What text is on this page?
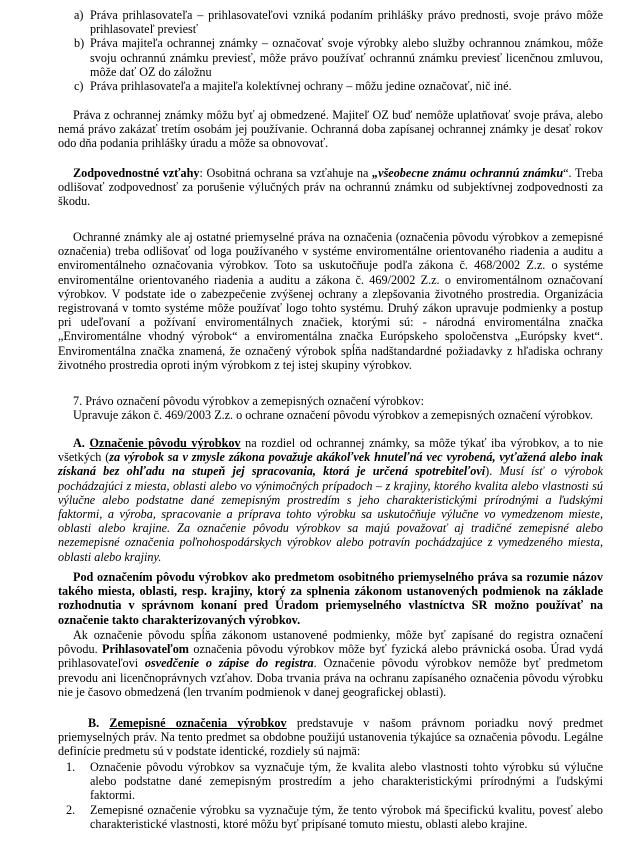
a) Práva prihlasovateľa – prihlasovateľovi vzniká podaním prihlášky právo prednosti, svoje právo môže prihlasovateľ previesť
b) Práva majiteľa ochrannej známky – označovať svoje výrobky alebo služby ochrannou známkou, môže svoju ochrannú známku previesť, môže právo používať ochrannú známku previesť licenčnou zmluvou, môže dať OZ do záložnu
c) Práva prihlasovateľa a majiteľa kolektívnej ochrany – môžu jedine označovať, nič iné.

Práva z ochrannej známky môžu byť aj obmedzené. Majiteľ OZ buď nemôže uplatňovať svoje práva, alebo nemá právo zakázať tretím osobám jej používanie. Ochranná doba zapísanej ochrannej známky je desať rokov odo dňa podania prihlášky úradu a môže sa obnovovať.

Zodpovednostné vzťahy: Osobitná ochrana sa vzťahuje na „všeobecne známu ochrannú známku“. Treba odlišovať zodpovednosť za porušenie výlučných práv na ochrannú známku od subjektívnej zodpovednosti za škodu.

Ochranné známky ale aj ostatné priemyselné práva na označenia (označenia pôvodu výrobkov a zemepisné označenia) treba odlišovať od loga používaného v systéme enviromentálne orientovaného riadenia a auditu a enviromentálneho označovania výrobkov. Toto sa uskutočňuje podľa zákona č. 468/2002 Z.z. o systéme enviromentálne orientovaného riadenia a auditu a zákona č. 469/2002 Z.z. o enviromentálnom označovaní výrobkov. V podstate ide o zabezpečenie zvýšenej ochrany a zlepšovania životného prostredia. Organizácia registrovaná v tomto systéme môže používať logo tohto systému. Druhý zákon upravuje podmienky a postup pri udeľovaní a požívaní enviromentálnych značiek, ktorými sú: - národná enviromentálna značka „Enviromentálne vhodný výrobok“ a enviromentálna značka Európskeho spoločenstva „Európsky kvet“. Enviromentálna značka znamená, že označený výrobok spĺňa nadštandardné požiadavky z hľadiska ochrany životného prostredia oproti iným výrobkom z tej istej skupiny výrobkov.

7. Právo označení pôvodu výrobkov a zemepisných označení výrobkov:

Upravuje zákon č. 469/2003 Z.z. o ochrane označení pôvodu výrobkov a zemepisných označení výrobkov.

A. Označenie pôvodu výrobkov na rozdiel od ochrannej známky, sa môže týkať iba výrobkov, a to nie všetkých (za výrobok sa v zmysle zákona považuje akákoľvek hnuteľná vec vyrobená, vyťažená alebo inak získaná bez ohľadu na stupeň jej spracovania, ktorá je určená spotrebiteľovi). Musí ísť o výrobok pochádzajúci z miesta, oblasti alebo vo výnimočných prípadoch – z krajiny, ktorého kvalita alebo vlastnosti sú výlučne alebo podstatne dané zemepisným prostredím s jeho charakteristickými prírodnými a ľudskými faktormi, a výroba, spracovanie a príprava tohto výrobku sa uskutočňuje výlučne vo vymedzenom mieste, oblasti alebo krajine. Za označenie pôvodu výrobkov sa majú považovať aj tradičné zemepisné alebo nezemepisné označenia poľnohospodárskych výrobkov alebo potravín pochádzajúce z vymedzeného miesta, oblasti alebo krajiny.

Pod označením pôvodu výrobkov ako predmetom osobitného priemyselného práva sa rozumie názov takého miesta, oblasti, resp. krajiny, ktorý za splnenia zákonom ustanovených podmienok na základe rozhodnutia v správnom konaní pred Úradom priemyselného vlastníctva SR možno používať na označenie takto charakterizovaných výrobkov.

Ak označenie pôvodu spĺňa zákonom ustanovené podmienky, môže byť zapísané do registra označení pôvodu. Prihlasovateľom označenia pôvodu výrobkov môže byť fyzická alebo právnická osoba. Úrad vydá prihlasovateľovi osvedčenie o zápise do registra. Označenie pôvodu výrobkov nemôže byť predmetom prevodu ani licenčnoprávnych vzťahov. Doba trvania práva na ochranu zapísaného označenia pôvodu výrobku nie je časovo obmedzená (len trvaním podmienok v danej geografickej oblasti).

B. Zemepisné označenia výrobkov predstavuje v našom právnom poriadku nový predmet priemyselných práv. Na tento predmet sa obdobne použijú ustanovenia týkajúce sa označenia pôvodu. Legálne definície predmetu sú v podstate identické, rozdiely sú najmä:

1. Označenie pôvodu výrobkov sa vyznačuje tým, že kvalita alebo vlastnosti tohto výrobku sú výlučne alebo podstatne dané zemepisným prostredím a jeho charakteristickými prírodnými a ľudskými faktormi.
2. Zemepisné označenie výrobku sa vyznačuje tým, že tento výrobok má špecifickú kvalitu, povesť alebo charakteristické vlastnosti, ktoré môžu byť pripísané tomuto miestu, oblasti alebo krajine.
